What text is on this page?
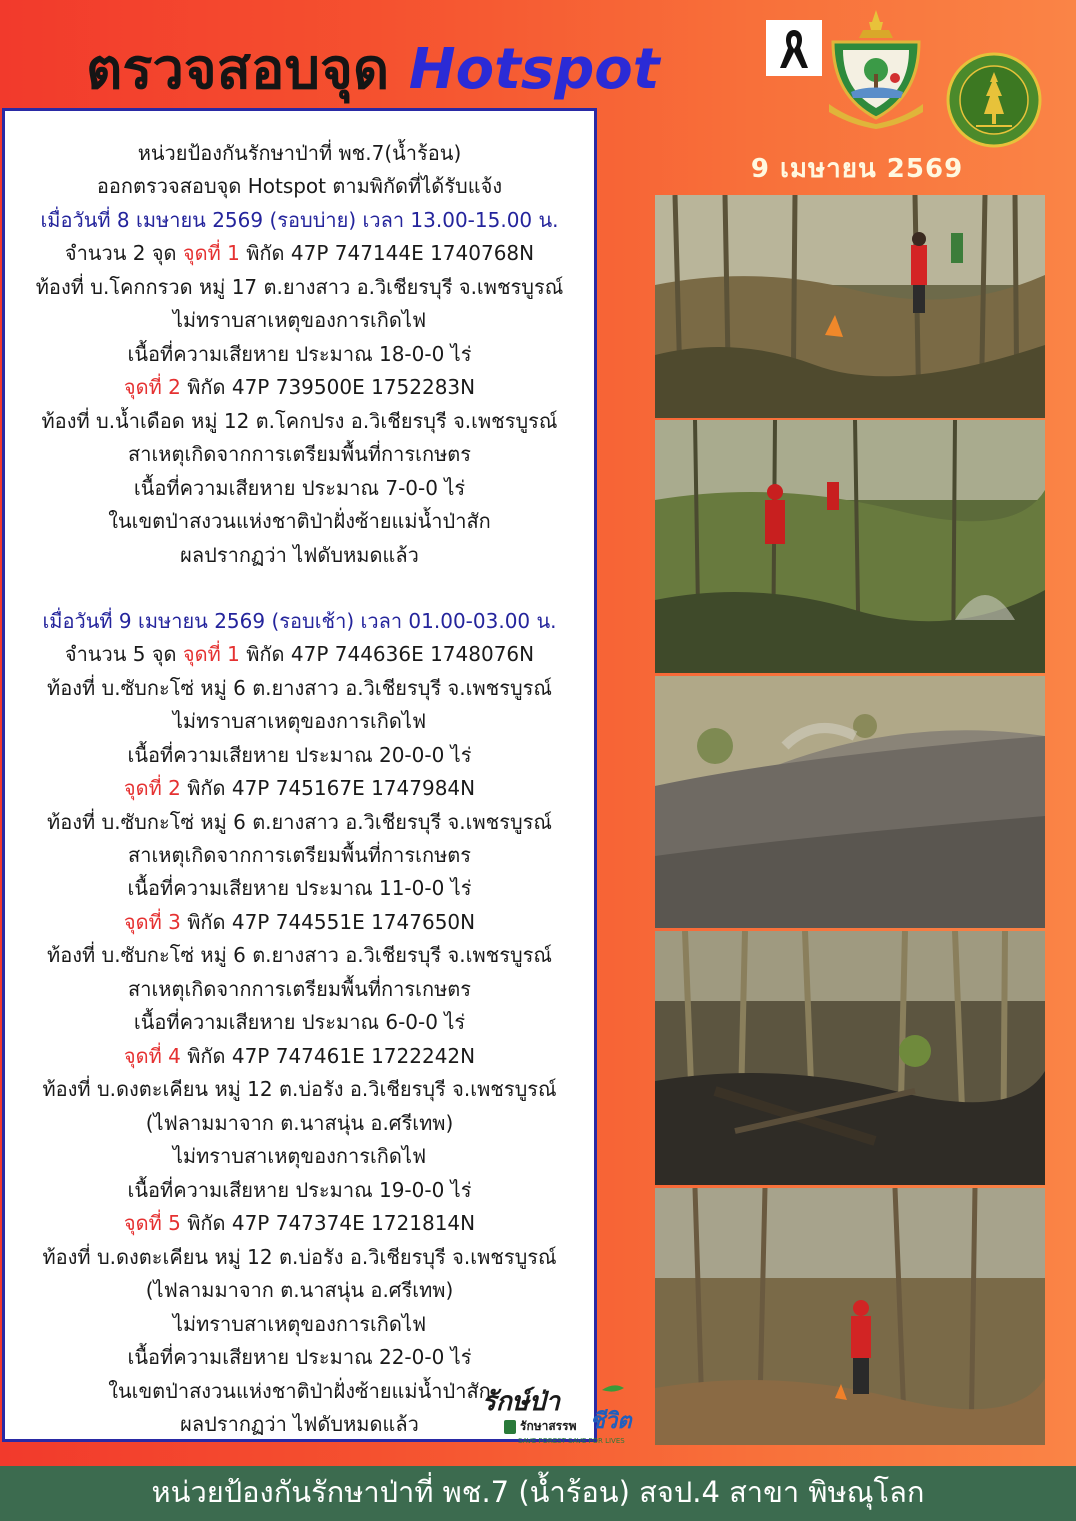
ตรวจสอบจุด Hotspot
9 เมษายน 2569
หน่วยป้องกันรักษาป่าที่ พช.7(น้ำร้อน)
ออกตรวจสอบจุด Hotspot ตามพิกัดที่ได้รับแจ้ง
เมื่อวันที่ 8 เมษายน 2569 (รอบบ่าย) เวลา 13.00-15.00 น.
จำนวน 2 จุด จุดที่ 1 พิกัด 47P 747144E 1740768N
ท้องที่ บ.โคกกรวด หมู่ 17 ต.ยางสาว อ.วิเชียรบุรี จ.เพชรบูรณ์
ไม่ทราบสาเหตุของการเกิดไฟ
เนื้อที่ความเสียหาย ประมาณ 18-0-0 ไร่
จุดที่ 2 พิกัด 47P 739500E 1752283N
ท้องที่ บ.น้ำเดือด หมู่ 12 ต.โคกปรง อ.วิเชียรบุรี จ.เพชรบูรณ์
สาเหตุเกิดจากการเตรียมพื้นที่การเกษตร
เนื้อที่ความเสียหาย ประมาณ 7-0-0 ไร่
ในเขตป่าสงวนแห่งชาติป่าฝั่งซ้ายแม่น้ำป่าสัก
ผลปรากฏว่า ไฟดับหมดแล้ว
เมื่อวันที่ 9 เมษายน 2569 (รอบเช้า) เวลา 01.00-03.00 น.
จำนวน 5 จุด จุดที่ 1 พิกัด 47P 744636E 1748076N
ท้องที่ บ.ซับกะโซ่ หมู่ 6 ต.ยางสาว อ.วิเชียรบุรี จ.เพชรบูรณ์
ไม่ทราบสาเหตุของการเกิดไฟ
เนื้อที่ความเสียหาย ประมาณ 20-0-0 ไร่
จุดที่ 2 พิกัด 47P 745167E 1747984N
ท้องที่ บ.ซับกะโซ่ หมู่ 6 ต.ยางสาว อ.วิเชียรบุรี จ.เพชรบูรณ์
สาเหตุเกิดจากการเตรียมพื้นที่การเกษตร
เนื้อที่ความเสียหาย ประมาณ 11-0-0 ไร่
จุดที่ 3 พิกัด 47P 744551E 1747650N
ท้องที่ บ.ซับกะโซ่ หมู่ 6 ต.ยางสาว อ.วิเชียรบุรี จ.เพชรบูรณ์
สาเหตุเกิดจากการเตรียมพื้นที่การเกษตร
เนื้อที่ความเสียหาย ประมาณ 6-0-0 ไร่
จุดที่ 4 พิกัด 47P 747461E 1722242N
ท้องที่ บ.ดงตะเคียน หมู่ 12 ต.บ่อรัง อ.วิเชียรบุรี จ.เพชรบูรณ์
(ไฟลามมาจาก ต.นาสนุ่น อ.ศรีเทพ)
ไม่ทราบสาเหตุของการเกิดไฟ
เนื้อที่ความเสียหาย ประมาณ 19-0-0 ไร่
จุดที่ 5 พิกัด 47P 747374E 1721814N
ท้องที่ บ.ดงตะเคียน หมู่ 12 ต.บ่อรัง อ.วิเชียรบุรี จ.เพชรบูรณ์
(ไฟลามมาจาก ต.นาสนุ่น อ.ศรีเทพ)
ไม่ทราบสาเหตุของการเกิดไฟ
เนื้อที่ความเสียหาย ประมาณ 22-0-0 ไร่
ในเขตป่าสงวนแห่งชาติป่าฝั่งซ้ายแม่น้ำป่าสัก
ผลปรากฏว่า ไฟดับหมดแล้ว
รักษ์ป่า
ชีวิต
รักษาสรรพ
SAVE FOREST SAVE FOR LIVES
หน่วยป้องกันรักษาป่าที่ พช.7 (น้ำร้อน) สจป.4 สาขา พิษณุโลก
